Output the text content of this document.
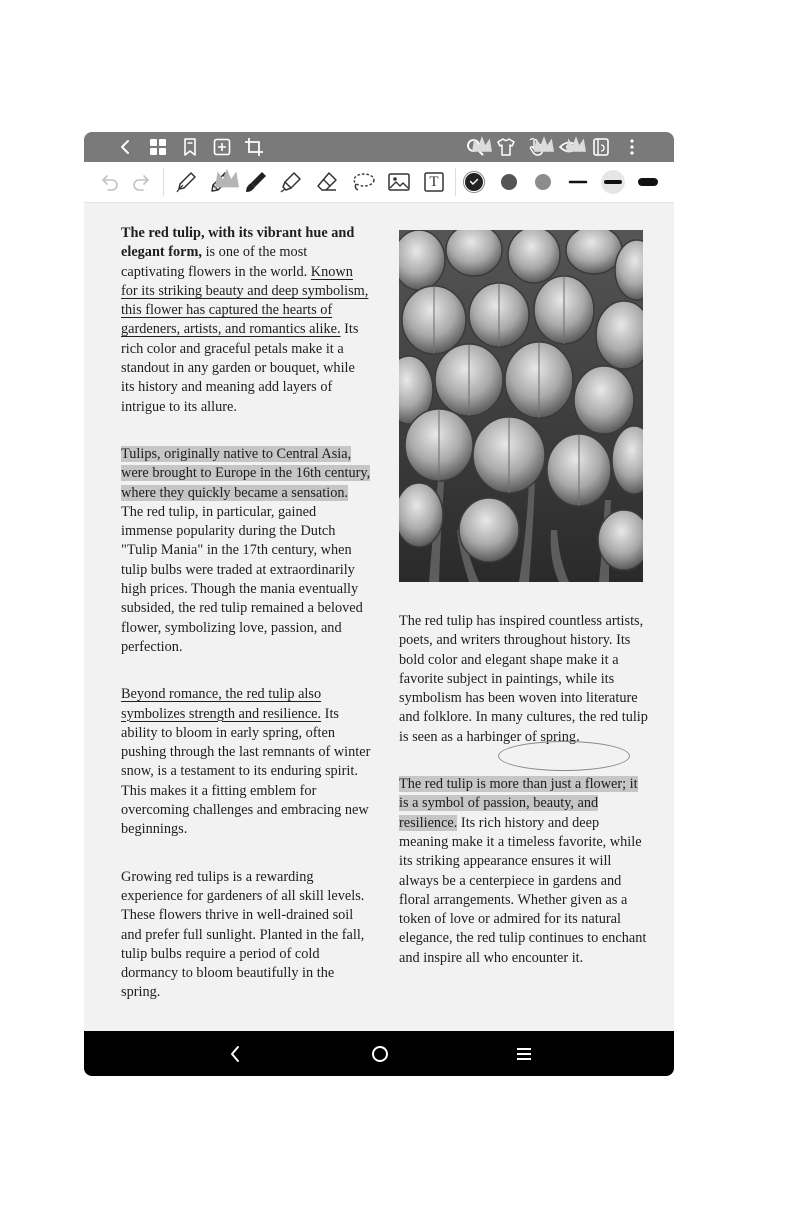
T

The red tulip, with its vibrant hue and elegant form, is one of the most captivating flowers in the world. Known for its striking beauty and deep symbolism, this flower has captured the hearts of gardeners, artists, and romantics alike. Its rich color and graceful petals make it a standout in any garden or bouquet, while its history and meaning add layers of intrigue to its allure.

Tulips, originally native to Central Asia, were brought to Europe in the 16th century, where they quickly became a sensation. The red tulip, in particular, gained immense popularity during the Dutch "Tulip Mania" in the 17th century, when tulip bulbs were traded at extraordinarily high prices. Though the mania eventually subsided, the red tulip remained a beloved flower, symbolizing love, passion, and perfection.

Beyond romance, the red tulip also symbolizes strength and resilience. Its ability to bloom in early spring, often pushing through the last remnants of winter snow, is a testament to its enduring spirit. This makes it a fitting emblem for overcoming challenges and embracing new beginnings.

Growing red tulips is a rewarding experience for gardeners of all skill levels. These flowers thrive in well-drained soil and prefer full sunlight. Planted in the fall, tulip bulbs require a period of cold dormancy to bloom beautifully in the spring.

The red tulip has inspired countless artists, poets, and writers throughout history. Its bold color and elegant shape make it a favorite subject in paintings, while its symbolism has been woven into literature and folklore. In many cultures, the red tulip is seen as a harbinger of spring.

The red tulip is more than just a flower; it is a symbol of passion, beauty, and resilience. Its rich history and deep meaning make it a timeless favorite, while its striking appearance ensures it will always be a centerpiece in gardens and floral arrangements. Whether given as a token of love or admired for its natural elegance, the red tulip continues to enchant and inspire all who encounter it.
